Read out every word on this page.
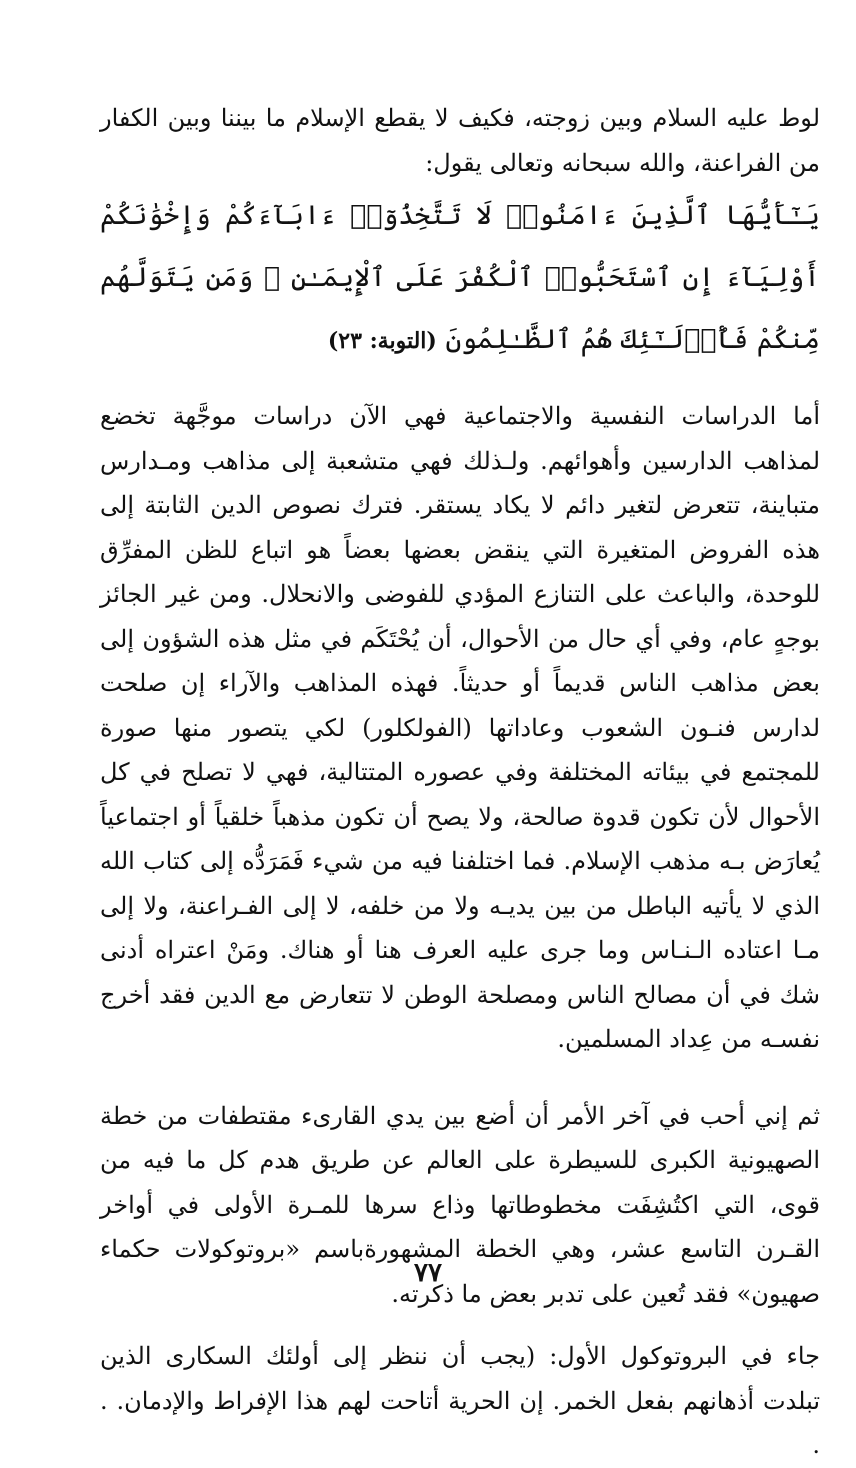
لوط عليه السلام وبين زوجته، فكيف لا يقطع الإسلام ما بيننا وبين الكفار من الفراعنة، والله سبحانه وتعالى يقول:

يَـٰٓأَيُّهَا ٱلَّذِينَ ءَامَنُوا۟ لَا تَتَّخِذُوٓا۟ ءَابَآءَكُمْ وَإِخْوَٰنَكُمْ أَوْلِيَآءَ إِنِ ٱسْتَحَبُّوا۟ ٱلْكُفْرَ عَلَى ٱلْإِيمَـٰنِ ۚ وَمَن يَتَوَلَّهُم مِّنكُمْ فَأُو۟لَـٰٓئِكَ هُمُ ٱلظَّـٰلِمُونَ (التوبة: ٢٣)

أما الدراسات النفسية والاجتماعية فهي الآن دراسات موجَّهة تخضع لمذاهب الدارسين وأهوائهم. ولـذلك فهي متشعبة إلى مذاهب ومـدارس متباينة، تتعرض لتغير دائم لا يكاد يستقر. فترك نصوص الدين الثابتة إلى هذه الفروض المتغيرة التي ينقض بعضها بعضاً هو اتباع للظن المفرِّق للوحدة، والباعث على التنازع المؤدي للفوضى والانحلال. ومن غير الجائز بوجهٍ عام، وفي أي حال من الأحوال، أن يُحْتَكَم في مثل هذه الشؤون إلى بعض مذاهب الناس قديماً أو حديثاً. فهذه المذاهب والآراء إن صلحت لدارس فنـون الشعوب وعاداتها (الفولكلور) لكي يتصور منها صورة للمجتمع في بيئاته المختلفة وفي عصوره المتتالية، فهي لا تصلح في كل الأحوال لأن تكون قدوة صالحة، ولا يصح أن تكون مذهباً خلقياً أو اجتماعياً يُعارَض بـه مذهب الإسلام. فما اختلفنا فيه من شيء فَمَرَدُّه إلى كتاب الله الذي لا يأتيه الباطل من بين يديـه ولا من خلفه، لا إلى الفـراعنة، ولا إلى مـا اعتاده الـنـاس وما جرى عليه العرف هنا أو هناك. ومَنْ اعتراه أدنى شك في أن مصالح الناس ومصلحة الوطن لا تتعارض مع الدين فقد أخرج نفسـه من عِداد المسلمين.

ثم إني أحب في آخر الأمر أن أضع بين يدي القارىء مقتطفات من خطة الصهيونية الكبرى للسيطرة على العالم عن طريق هدم كل ما فيه من قوى، التي اكتُشِفَت مخطوطاتها وذاع سرها للمـرة الأولى في أواخر القـرن التاسع عشر، وهي الخطة المشهورةباسم «بروتوكولات حكماء صهيون» فقد تُعين على تدبر بعض ما ذكرته.

جاء في البروتوكول الأول: (يجب أن ننظر إلى أولئك السكارى الذين تبلدت أذهانهم بفعل الخمر. إن الحرية أتاحت لهم هذا الإفراط والإدمان. . .

٧٧
